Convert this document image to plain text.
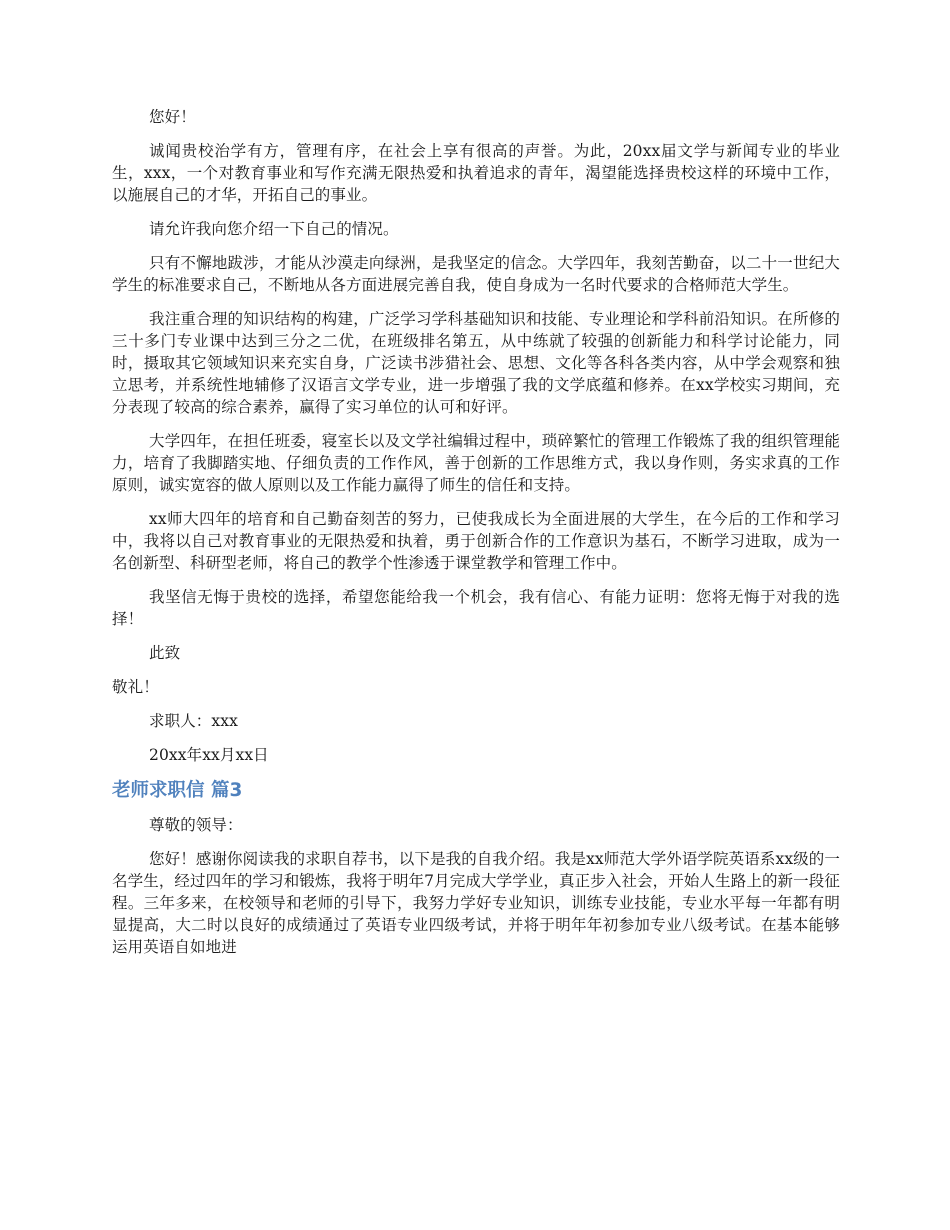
您好！

诚闻贵校治学有方，管理有序，在社会上享有很高的声誉。为此，20xx届文学与新闻专业的毕业生，xxx，一个对教育事业和写作充满无限热爱和执着追求的青年，渴望能选择贵校这样的环境中工作，以施展自己的才华，开拓自己的事业。

请允许我向您介绍一下自己的情况。

只有不懈地跋涉，才能从沙漠走向绿洲，是我坚定的信念。大学四年，我刻苦勤奋，以二十一世纪大学生的标准要求自己，不断地从各方面进展完善自我，使自身成为一名时代要求的合格师范大学生。

我注重合理的知识结构的构建，广泛学习学科基础知识和技能、专业理论和学科前沿知识。在所修的三十多门专业课中达到三分之二优，在班级排名第五，从中练就了较强的创新能力和科学讨论能力，同时，摄取其它领域知识来充实自身，广泛读书涉猎社会、思想、文化等各科各类内容，从中学会观察和独立思考，并系统性地辅修了汉语言文学专业，进一步增强了我的文学底蕴和修养。在xx学校实习期间，充分表现了较高的综合素养，赢得了实习单位的认可和好评。

大学四年，在担任班委，寝室长以及文学社编辑过程中，琐碎繁忙的管理工作锻炼了我的组织管理能力，培育了我脚踏实地、仔细负责的工作作风，善于创新的工作思维方式，我以身作则，务实求真的工作原则，诚实宽容的做人原则以及工作能力赢得了师生的信任和支持。

xx师大四年的培育和自己勤奋刻苦的努力，已使我成长为全面进展的大学生，在今后的工作和学习中，我将以自己对教育事业的无限热爱和执着，勇于创新合作的工作意识为基石，不断学习进取，成为一名创新型、科研型老师，将自己的教学个性渗透于课堂教学和管理工作中。

我坚信无悔于贵校的选择，希望您能给我一个机会，我有信心、有能力证明：您将无悔于对我的选择！

此致

敬礼！

求职人：xxx

20xx年xx月xx日

老师求职信 篇3

尊敬的领导：

您好！感谢你阅读我的求职自荐书，以下是我的自我介绍。我是xx师范大学外语学院英语系xx级的一名学生，经过四年的学习和锻炼，我将于明年7月完成大学学业，真正步入社会，开始人生路上的新一段征程。三年多来，在校领导和老师的引导下，我努力学好专业知识，训练专业技能，专业水平每一年都有明显提高，大二时以良好的成绩通过了英语专业四级考试，并将于明年年初参加专业八级考试。在基本能够运用英语自如地进
